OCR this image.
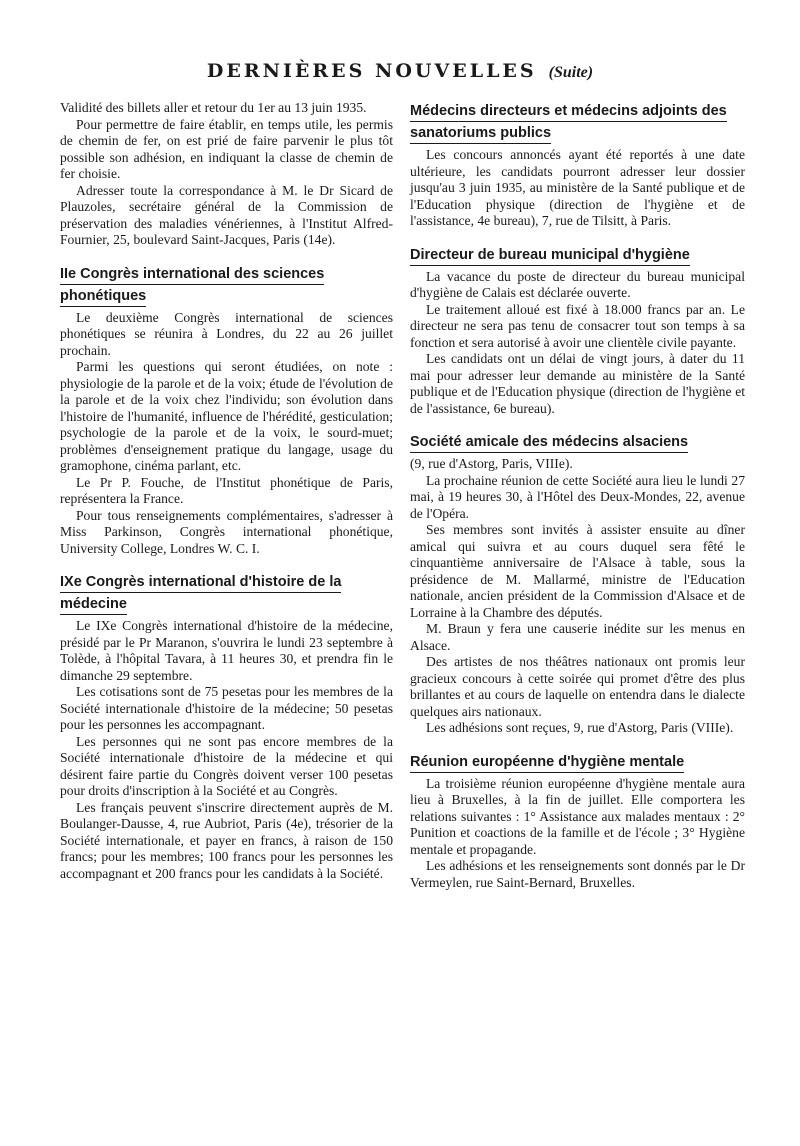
DERNIÈRES NOUVELLES (Suite)

Validité des billets aller et retour du 1er au 13 juin 1935.

Pour permettre de faire établir, en temps utile, les permis de chemin de fer, on est prié de faire parvenir le plus tôt possible son adhésion, en indiquant la classe de chemin de fer choisie.

Adresser toute la correspondance à M. le Dr Sicard de Plauzoles, secrétaire général de la Commission de préservation des maladies vénériennes, à l'Institut Alfred-Fournier, 25, boulevard Saint-Jacques, Paris (14e).

IIe Congrès international des sciences phonétiques

Le deuxième Congrès international de sciences phonétiques se réunira à Londres, du 22 au 26 juillet prochain.

Parmi les questions qui seront étudiées, on note : physiologie de la parole et de la voix; étude de l'évolution de la parole et de la voix chez l'individu; son évolution dans l'histoire de l'humanité, influence de l'hérédité, gesticulation; psychologie de la parole et de la voix, le sourd-muet; problèmes d'enseignement pratique du langage, usage du gramophone, cinéma parlant, etc.

Le Pr P. Fouche, de l'Institut phonétique de Paris, représentera la France.

Pour tous renseignements complémentaires, s'adresser à Miss Parkinson, Congrès international phonétique, University College, Londres W. C. I.

IXe Congrès international d'histoire de la médecine

Le IXe Congrès international d'histoire de la médecine, présidé par le Pr Maranon, s'ouvrira le lundi 23 septembre à Tolède, à l'hôpital Tavara, à 11 heures 30, et prendra fin le dimanche 29 septembre.

Les cotisations sont de 75 pesetas pour les membres de la Société internationale d'histoire de la médecine; 50 pesetas pour les personnes les accompagnant.

Les personnes qui ne sont pas encore membres de la Société internationale d'histoire de la médecine et qui désirent faire partie du Congrès doivent verser 100 pesetas pour droits d'inscription à la Société et au Congrès.

Les français peuvent s'inscrire directement auprès de M. Boulanger-Dausse, 4, rue Aubriot, Paris (4e), trésorier de la Société internationale, et payer en francs, à raison de 150 francs; pour les membres; 100 francs pour les personnes les accompagnant et 200 francs pour les candidats à la Société.

Médecins directeurs et médecins adjoints des sanatoriums publics

Les concours annoncés ayant été reportés à une date ultérieure, les candidats pourront adresser leur dossier jusqu'au 3 juin 1935, au ministère de la Santé publique et de l'Education physique (direction de l'hygiène et de l'assistance, 4e bureau), 7, rue de Tilsitt, à Paris.

Directeur de bureau municipal d'hygiène

La vacance du poste de directeur du bureau municipal d'hygiène de Calais est déclarée ouverte.

Le traitement alloué est fixé à 18.000 francs par an. Le directeur ne sera pas tenu de consacrer tout son temps à sa fonction et sera autorisé à avoir une clientèle civile payante.

Les candidats ont un délai de vingt jours, à dater du 11 mai pour adresser leur demande au ministère de la Santé publique et de l'Education physique (direction de l'hygiène et de l'assistance, 6e bureau).

Société amicale des médecins alsaciens

(9, rue d'Astorg, Paris, VIIIe).

La prochaine réunion de cette Société aura lieu le lundi 27 mai, à 19 heures 30, à l'Hôtel des Deux-Mondes, 22, avenue de l'Opéra.

Ses membres sont invités à assister ensuite au dîner amical qui suivra et au cours duquel sera fêté le cinquantième anniversaire de l'Alsace à table, sous la présidence de M. Mallarmé, ministre de l'Education nationale, ancien président de la Commission d'Alsace et de Lorraine à la Chambre des députés.

M. Braun y fera une causerie inédite sur les menus en Alsace.

Des artistes de nos théâtres nationaux ont promis leur gracieux concours à cette soirée qui promet d'être des plus brillantes et au cours de laquelle on entendra dans le dialecte quelques airs nationaux.

Les adhésions sont reçues, 9, rue d'Astorg, Paris (VIIIe).

Réunion européenne d'hygiène mentale

La troisième réunion européenne d'hygiène mentale aura lieu à Bruxelles, à la fin de juillet. Elle comportera les relations suivantes : 1° Assistance aux malades mentaux : 2° Punition et coactions de la famille et de l'école ; 3° Hygiène mentale et propagande.

Les adhésions et les renseignements sont donnés par le Dr Vermeylen, rue Saint-Bernard, Bruxelles.
